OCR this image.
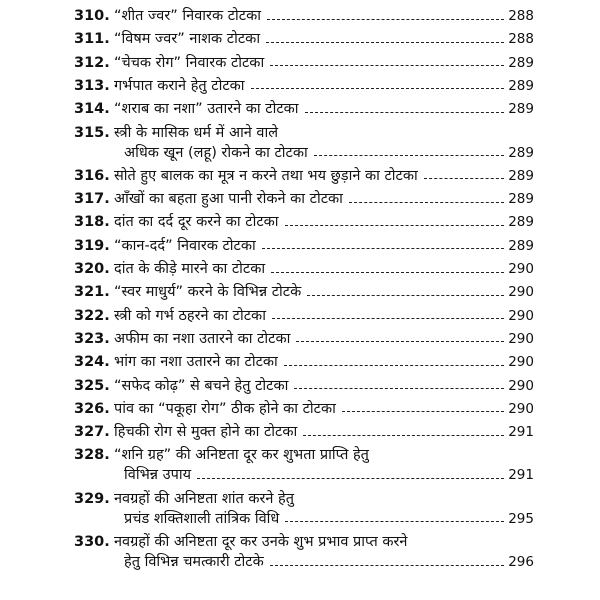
310. “शीत ज्वर” निवारक टोटका	288
311. “विषम ज्वर” नाशक टोटका	288
312. “चेचक रोग” निवारक टोटका	289
313. गर्भपात कराने हेतु टोटका	289
314. “शराब का नशा” उतारने का टोटका	289
315. स्त्री के मासिक धर्म में आने वाले
अधिक खून (लहू) रोकने का टोटका	289
316. सोते हुए बालक का मूत्र न करने तथा भय छुड़ाने का टोटका	289
317. आँखों का बहता हुआ पानी रोकने का टोटका	289
318. दांत का दर्द दूर करने का टोटका	289
319. “कान-दर्द” निवारक टोटका	289
320. दांत के कीड़े मारने का टोटका	290
321. “स्वर माधुर्य” करने के विभिन्न टोटके	290
322. स्त्री को गर्भ ठहरने का टोटका	290
323. अफीम का नशा उतारने का टोटका	290
324. भांग का नशा उतारने का टोटका	290
325. “सफेद कोढ़” से बचने हेतु टोटका	290
326. पांव का “पकूहा रोग” ठीक होने का टोटका	290
327. हिचकी रोग से मुक्त होने का टोटका	291
328. “शनि ग्रह” की अनिष्टता दूर कर शुभता प्राप्ति हेतु
विभिन्न उपाय	291
329. नवग्रहों की अनिष्टता शांत करने हेतु
प्रचंड शक्तिशाली तांत्रिक विधि	295
330. नवग्रहों की अनिष्टता दूर कर उनके शुभ प्रभाव प्राप्त करने
हेतु विभिन्न चमत्कारी टोटके	296
